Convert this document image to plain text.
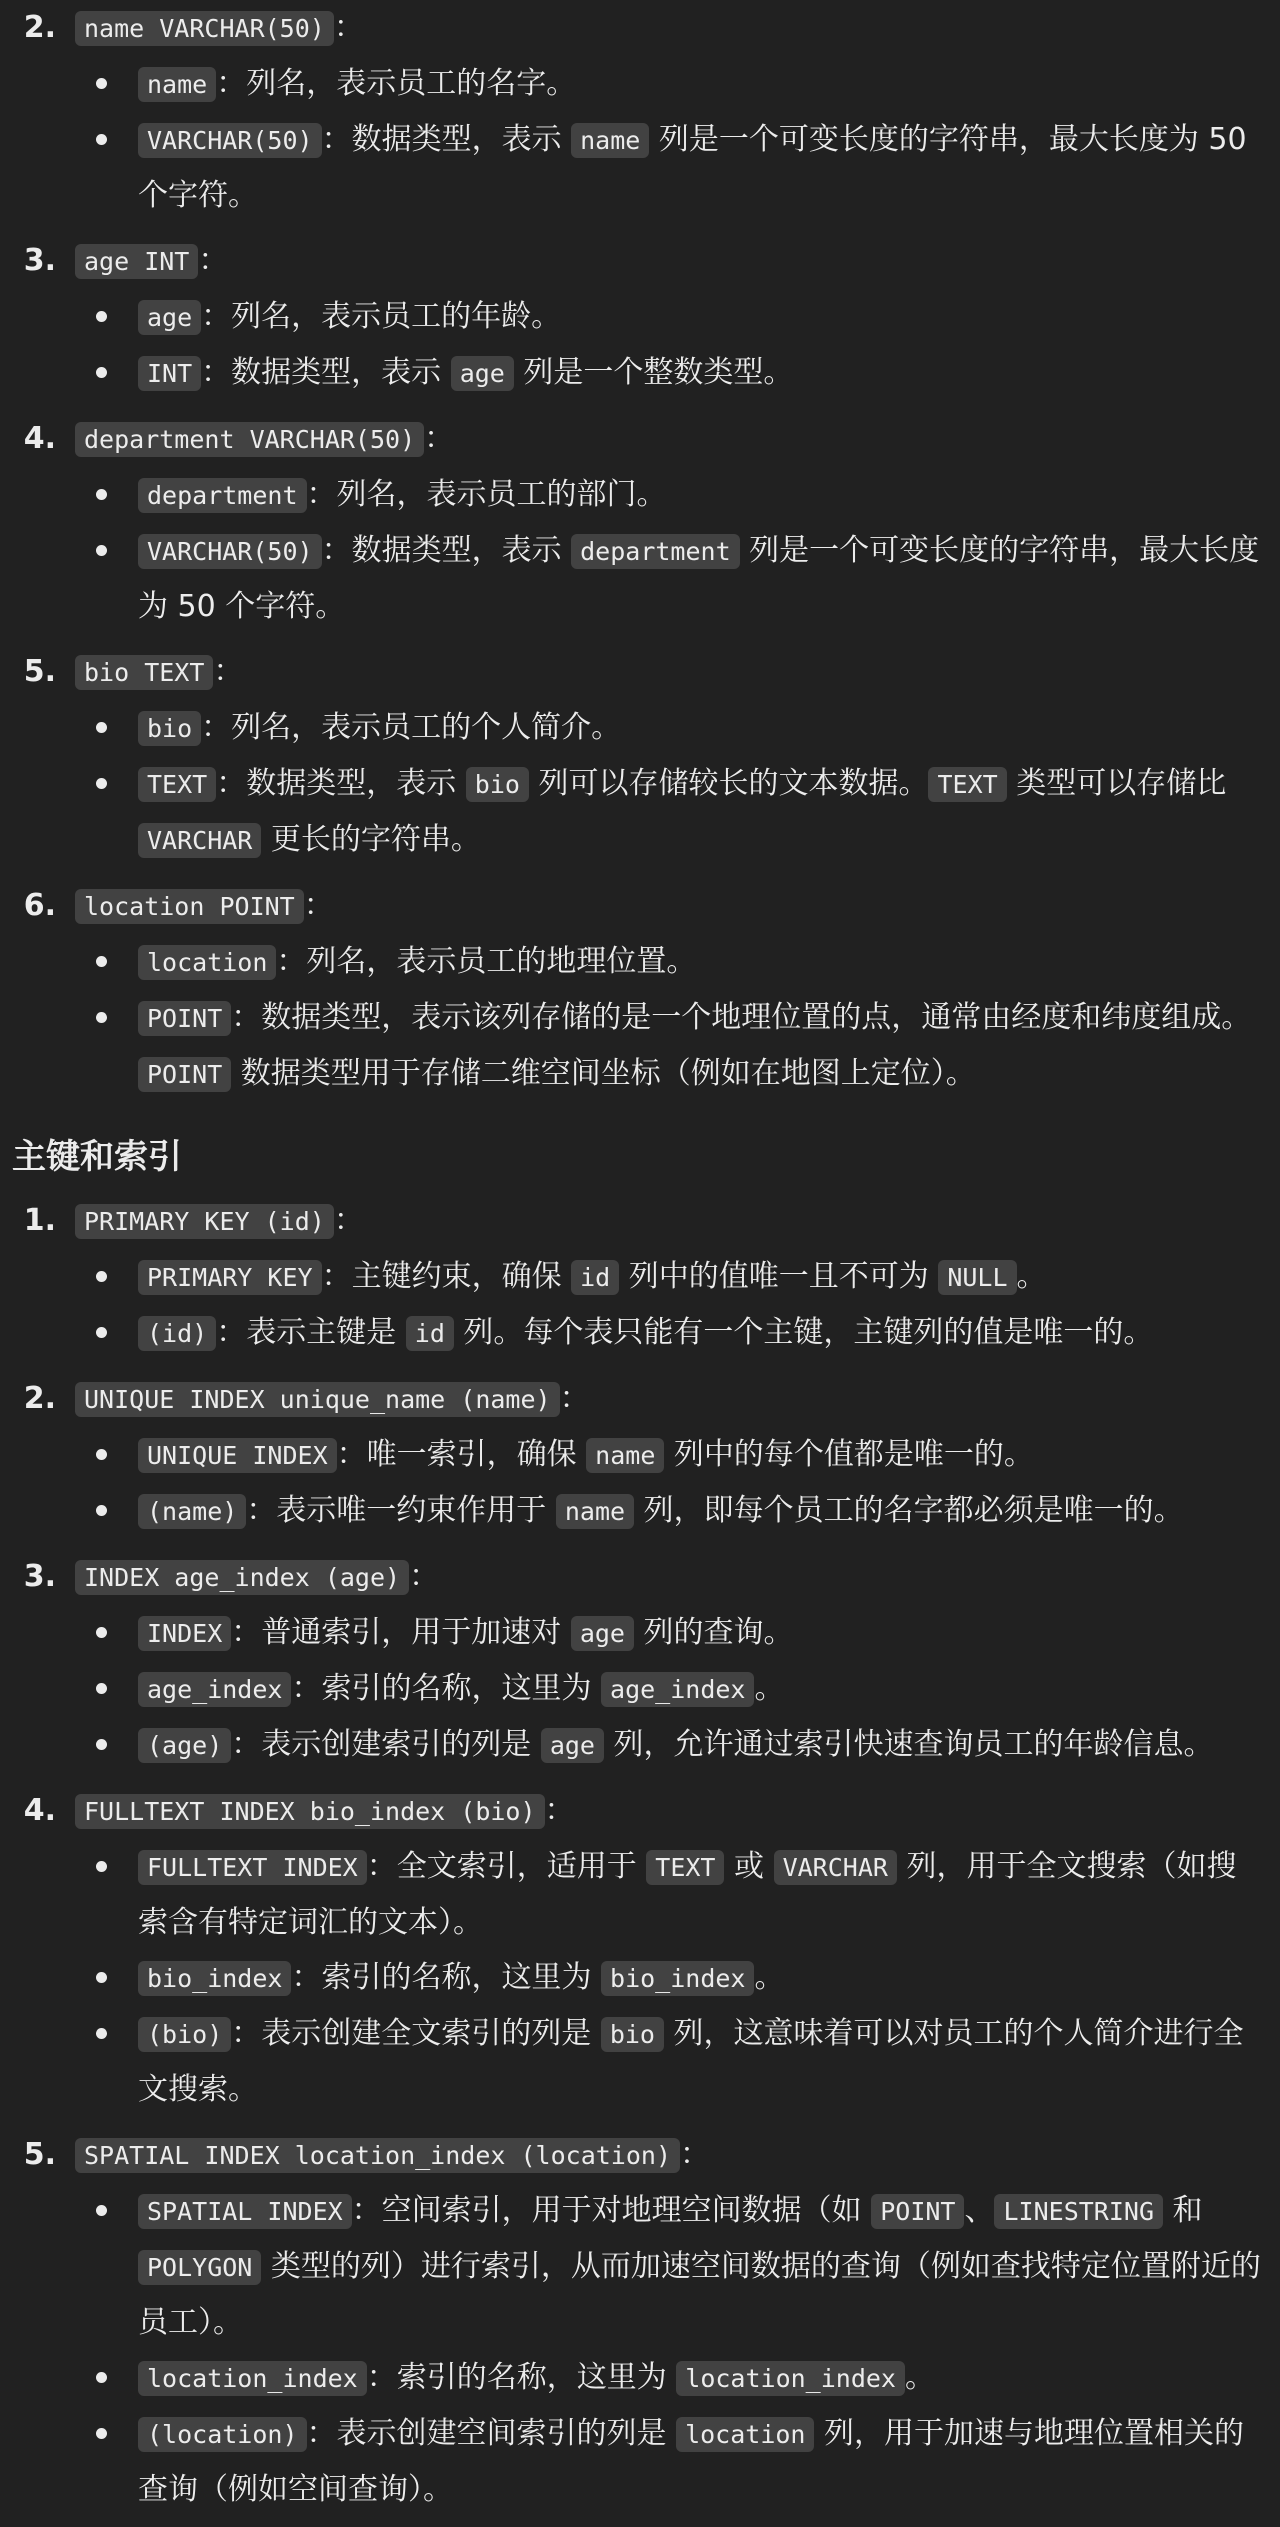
2. name VARCHAR(50) ：
name ：列名，表示员工的名字。
VARCHAR(50) ：数据类型，表示 name 列是一个可变长度的字符串，最大长度为 50 个字符。
3. age INT ：
age ：列名，表示员工的年龄。
INT ：数据类型，表示 age 列是一个整数类型。
4. department VARCHAR(50) ：
department ：列名，表示员工的部门。
VARCHAR(50) ：数据类型，表示 department 列是一个可变长度的字符串，最大长度为 50 个字符。
5. bio TEXT ：
bio ：列名，表示员工的个人简介。
TEXT ：数据类型，表示 bio 列可以存储较长的文本数据。 TEXT 类型可以存储比 VARCHAR 更长的字符串。
6. location POINT ：
location ：列名，表示员工的地理位置。
POINT ：数据类型，表示该列存储的是一个地理位置的点，通常由经度和纬度组成。POINT 数据类型用于存储二维空间坐标（例如在地图上定位）。
主键和索引
1. PRIMARY KEY (id) ：
PRIMARY KEY ：主键约束，确保 id 列中的值唯一且不可为 NULL 。
(id) ：表示主键是 id 列。每个表只能有一个主键，主键列的值是唯一的。
2. UNIQUE INDEX unique_name (name) ：
UNIQUE INDEX ：唯一索引，确保 name 列中的每个值都是唯一的。
(name) ：表示唯一约束作用于 name 列，即每个员工的名字都必须是唯一的。
3. INDEX age_index (age) ：
INDEX ：普通索引，用于加速对 age 列的查询。
age_index ：索引的名称，这里为 age_index 。
(age) ：表示创建索引的列是 age 列，允许通过索引快速查询员工的年龄信息。
4. FULLTEXT INDEX bio_index (bio) ：
FULLTEXT INDEX ：全文索引，适用于 TEXT 或 VARCHAR 列，用于全文搜索（如搜索含有特定词汇的文本）。
bio_index ：索引的名称，这里为 bio_index 。
(bio) ：表示创建全文索引的列是 bio 列，这意味着可以对员工的个人简介进行全文搜索。
5. SPATIAL INDEX location_index (location) ：
SPATIAL INDEX ：空间索引，用于对地理空间数据（如 POINT 、 LINESTRING 和 POLYGON 类型的列）进行索引，从而加速空间数据的查询（例如查找特定位置附近的员工）。
location_index ：索引的名称，这里为 location_index 。
(location) ：表示创建空间索引的列是 location 列，用于加速与地理位置相关的查询（例如空间查询）。
